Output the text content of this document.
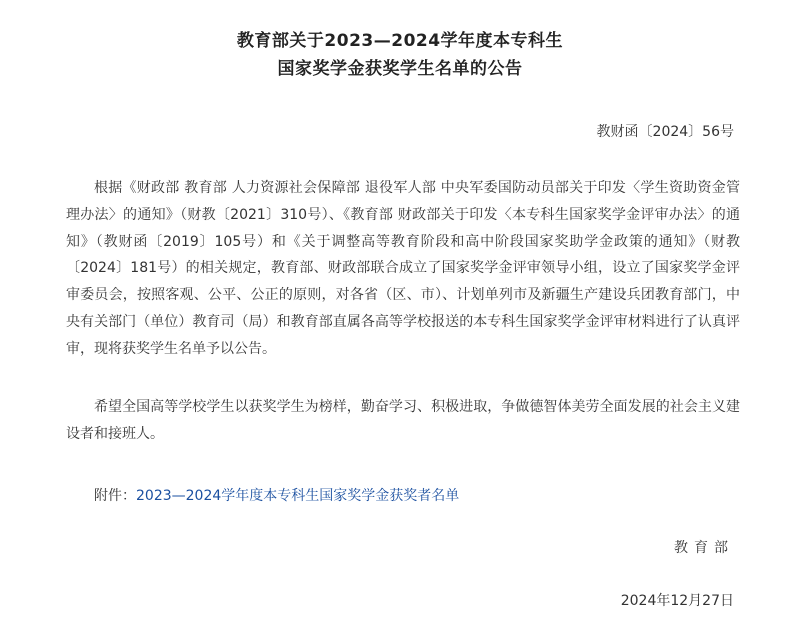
教育部关于2023—2024学年度本专科生
国家奖学金获奖学生名单的公告
教财函〔2024〕56号

根据《财政部 教育部 人力资源社会保障部 退役军人部 中央军委国防动员部关于印发〈学生资助资金管理办法〉的通知》（财教〔2021〕310号）、《教育部 财政部关于印发〈本专科生国家奖学金评审办法〉的通知》（教财函〔2019〕105号）和《关于调整高等教育阶段和高中阶段国家奖助学金政策的通知》（财教〔2024〕181号）的相关规定，教育部、财政部联合成立了国家奖学金评审领导小组，设立了国家奖学金评审委员会，按照客观、公平、公正的原则，对各省（区、市）、计划单列市及新疆生产建设兵团教育部门，中央有关部门（单位）教育司（局）和教育部直属各高等学校报送的本专科生国家奖学金评审材料进行了认真评审，现将获奖学生名单予以公告。

希望全国高等学校学生以获奖学生为榜样，勤奋学习、积极进取，争做德智体美劳全面发展的社会主义建设者和接班人。

附件：2023—2024学年度本专科生国家奖学金获奖者名单
教育部
2024年12月27日
